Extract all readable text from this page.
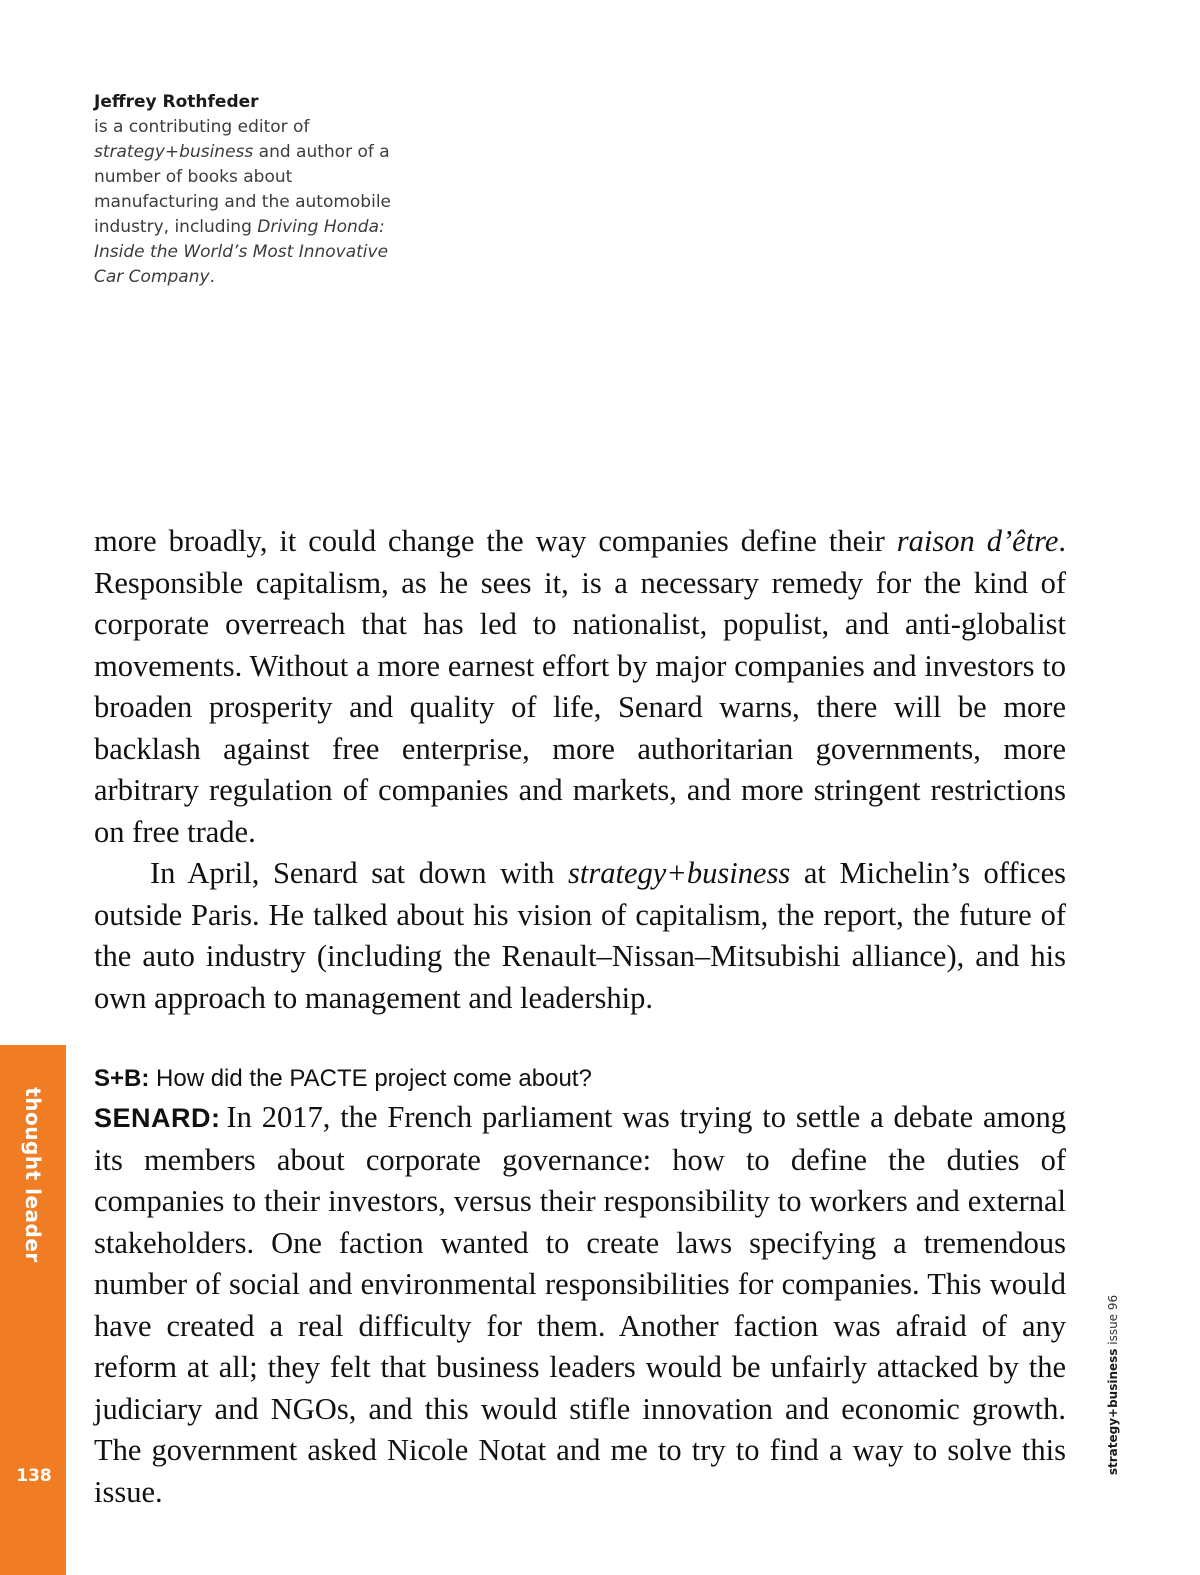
Jeffrey Rothfeder
is a contributing editor of
strategy+business and author of a number of books about manufacturing and the automobile industry, including Driving Honda: Inside the World’s Most Innovative Car Company.

more broadly, it could change the way companies define their raison d’être. Responsible capitalism, as he sees it, is a necessary remedy for the kind of corporate overreach that has led to nationalist, populist, and anti-globalist movements. Without a more earnest effort by major companies and investors to broaden prosperity and quality of life, Senard warns, there will be more backlash against free enterprise, more authoritarian governments, more arbitrary regulation of companies and markets, and more stringent restrictions on free trade.

In April, Senard sat down with strategy+business at Michelin’s offices outside Paris. He talked about his vision of capitalism, the report, the future of the auto industry (including the Renault–Nissan–Mitsubishi alliance), and his own approach to management and leadership.

S+B: How did the PACTE project come about?

SENARD: In 2017, the French parliament was trying to settle a debate among its members about corporate governance: how to define the duties of companies to their investors, versus their responsibility to workers and external stakeholders. One faction wanted to create laws specifying a tremendous number of social and environmental responsibilities for companies. This would have created a real difficulty for them. Another faction was afraid of any reform at all; they felt that business leaders would be unfairly attacked by the judiciary and NGOs, and this would stifle innovation and economic growth. The government asked Nicole Notat and me to try to find a way to solve this issue.

thought leader
138
strategy+business issue 96
